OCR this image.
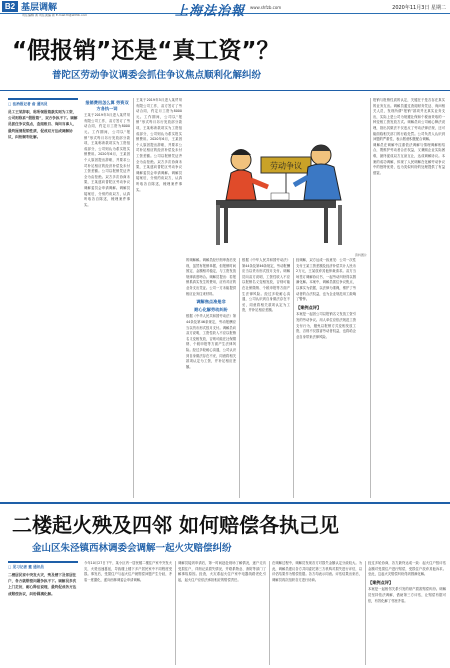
B2 基层调解	上海法治報 www.shfzb.com	2020年11月3日 星期二
责任编辑 黄 责任美编 郭 E-mail:fz@shfzb.com
“假报销”还是“真工资”？
普陀区劳动争议调委会抓住争议焦点顺利化解纠纷
□ 法治报记者 俞 通讯员

员工王某辞职，称所领报销款实则为工资，公司则称系“假报销”，双方争执不下。调解员抓住争议焦点，查阅账目、询问当事人，最终厘清报销性质，促成双方达成调解协议，纠纷顺利化解。

报销费用怎么算 劳资双方各执一词
王某于2019年5月进入某贸易有限公司工作，双方签订了劳动合同，约定月工资为8000元。工作期间，公司以“报销”形式每月另行发放部分款项，王某称该款项实为工资组成部分，公司则认为系实报实销费用。2020年6月，王某因个人原因提出辞职，并要求公司补足相应的经济补偿及未付工资差额。公司以报销凭证齐全为由拒绝。双方多次协商未果，王某遂向普陀区劳动争议调解委员会申请调解。调解员接案后，分别约谈双方，认真听取各自陈述，梳理案件事实。
王某于2019年5月进入某贸易有限公司工作，双方签订了劳动合同，约定月工资为8000元。工作期间，公司以“报销”形式每月另行发放部分款项，王某称该款项实为工资组成部分，公司则认为系实报实销费用。2020年6月，王某因个人原因提出辞职，并要求公司补足相应的经济补偿及未付工资差额。公司以报销凭证齐全为由拒绝。双方多次协商未果，王某遂向普陀区劳动争议调解委员会申请调解。调解员接案后，分别约谈双方，认真听取各自陈述，梳理案件事实。
劳动争议
资料图片
的调解解。调解员经仔细审查后发现，虽然有报销单据，但报销时间固定、金额相对稳定，与工资发放规律高度吻合。调解员提出：若报销系真实发生的费用，应有对应的业务支出凭证。公司一方未能提供相应业务往来材料。
调解焦点准是非
耐心化解劳动纠纷
根据《中华人民共和国劳动法》第44条及第46条规定，劳动报酬应当以货币形式按月支付。调解员向双方说明，工资性收入不应以报销名义变相发放，否则可能在社保缴纳、个税申报等方面产生法律风险。经过多轮耐心沟通，公司认识到自身做法存在不妥，同意将相关款项认定为工资，并补足相应差额。
根据《中华人民共和国劳动法》第44条及第46条规定，劳动报酬应当以货币形式按月支付。调解员向双方说明，工资性收入不应以报销名义变相发放，否则可能在社保缴纳、个税申报等方面产生法律风险。经过多轮耐心沟通，公司认识到自身做法存在不妥，同意将相关款项认定为工资，并补足相应差额。
经调解，双方达成一致意见：公司一次性支付王某工资差额及经济补偿共计人民币2万元，王某放弃其他仲裁请求。双方当场签订调解协议书，一起劳动纠纷得以圆满化解。本案中，调解员抓住争议焦点，以事实为依据，以法律为准绳，维护了劳动者的合法权益，也为企业规范用工敲响了警钟。
【案例点评】
本案是一起因公司以报销名义发放工资引发的劳动争议。用人单位应依法规范工资支付行为，避免以报销方式变相发放工资，否则不仅损害劳动者权益，也将给企业自身带来法律风险。
报销与报销性质的认定，关键在于是否存在真实的业务支出。调解员通过查阅财务凭证、询问相关人员，发现所谓“报销”款项并无真实业务支出，实际上是公司为规避社保和个税而采取的一种变相工资发放方式。调解员向公司耐心释法说理，指出其做法不仅违反了劳动法律法规，还可能面临相关部门的行政处罚。公司负责人认识到问题的严重性，表示愿意积极配合调解。
调解员在调解中注重依法调解与情理调解相结合，既维护劳动者合法权益，又兼顾企业实际困难，最终促成双方互谅互让，达成调解协议。本案的成功调解，体现了人民调解在化解劳动争议中的独特优势，也为类似纠纷的处理提供了有益借鉴。
二楼起火殃及四邻 如何赔偿各执己见
金山区朱泾镇西林调委会调解一起火灾赔偿纠纷
□ 见习记者 董 通讯员

二楼居民家中突发火灾，殃及楼下及邻居住户，各方就赔偿问题争执不下。调解员多次上门走访，耐心释法说理，最终促成各方达成赔偿协议，纠纷圆满化解。

今年10月27日下午，某小区内一居民楼二楼住户家中突发火灾，火势迅速蔓延，导致楼上楼下多户居民家中不同程度受损。事发后，受损住户与起火住户就赔偿问题产生分歧，矛盾一度激化，遂向西林调委会申请调解。
调解员接到申请后，第一时间赶赴现场了解情况，逐户走访受损住户，详细记录损失情况，并联系物业、消防等部门了解事故原因。经查，火灾系起火住户家中电器线路老化引起，起火住户应依法承担相应的赔偿责任。
在调解过程中，调解员发现各方对损失金额认定分歧较大。为此，调解员建议各方共同委托第三方机构对损失进行评估，以评估结果作为赔偿依据。各方均表示同意。评估结果出来后，调解员再次组织各方进行协商。
经过多轮协商，各方最终达成一致：起火住户按评估金额对受损住户进行赔偿，受损住户放弃其他诉求。至此，这起火灾赔偿纠纷得到圆满化解。
【案例点评】
本案是一起相邻关系引发的财产损害赔偿纠纷。调解员坚持依法调解，借助第三方评估，让赔偿有据可依，有效化解了邻里矛盾。
